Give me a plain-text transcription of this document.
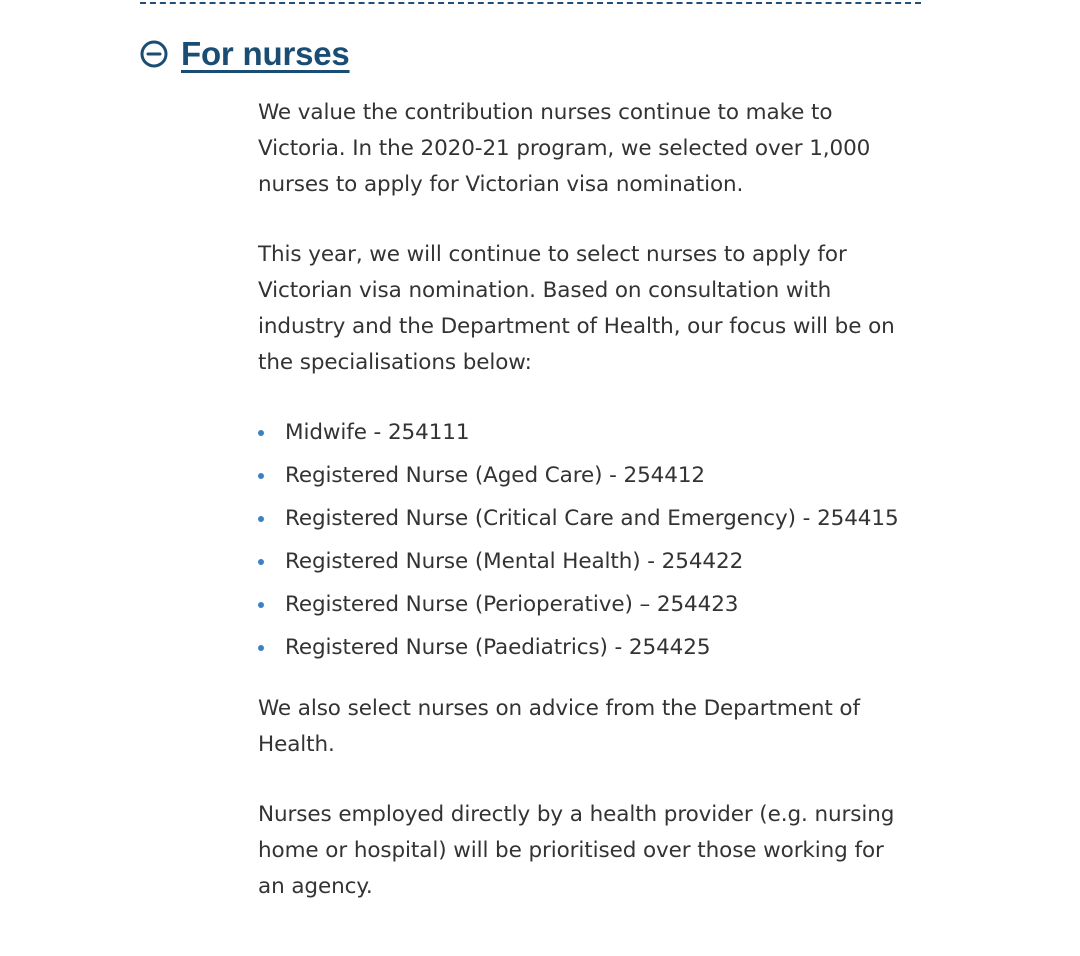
For nurses

We value the contribution nurses continue to make to Victoria. In the 2020-21 program, we selected over 1,000 nurses to apply for Victorian visa nomination.

This year, we will continue to select nurses to apply for Victorian visa nomination. Based on consultation with industry and the Department of Health, our focus will be on the specialisations below:

Midwife - 254111
Registered Nurse (Aged Care) - 254412
Registered Nurse (Critical Care and Emergency) - 254415
Registered Nurse (Mental Health) - 254422
Registered Nurse (Perioperative) – 254423
Registered Nurse (Paediatrics) - 254425

We also select nurses on advice from the Department of Health.

Nurses employed directly by a health provider (e.g. nursing home or hospital) will be prioritised over those working for an agency.
